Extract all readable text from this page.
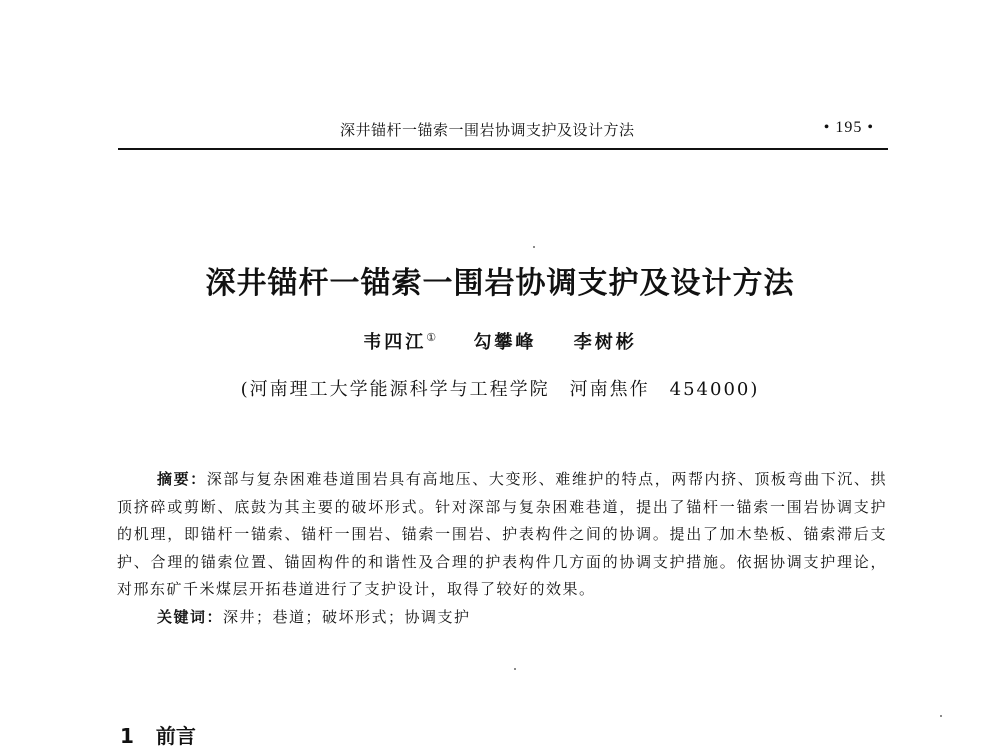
深井锚杆一锚索一围岩协调支护及设计方法	• 195 •
深井锚杆一锚索一围岩协调支护及设计方法
韦四江① 勾攀峰 李树彬
(河南理工大学能源科学与工程学院　河南焦作　454000)

摘要：深部与复杂困难巷道围岩具有高地压、大变形、难维护的特点，两帮内挤、顶板弯曲下沉、拱顶挤碎或剪断、底鼓为其主要的破坏形式。针对深部与复杂困难巷道，提出了锚杆一锚索一围岩协调支护的机理，即锚杆一锚索、锚杆一围岩、锚索一围岩、护表构件之间的协调。提出了加木垫板、锚索滞后支护、合理的锚索位置、锚固构件的和谐性及合理的护表构件几方面的协调支护措施。依据协调支护理论，对邢东矿千米煤层开拓巷道进行了支护设计，取得了较好的效果。

关键词：深井；巷道；破坏形式；协调支护

1 前言
